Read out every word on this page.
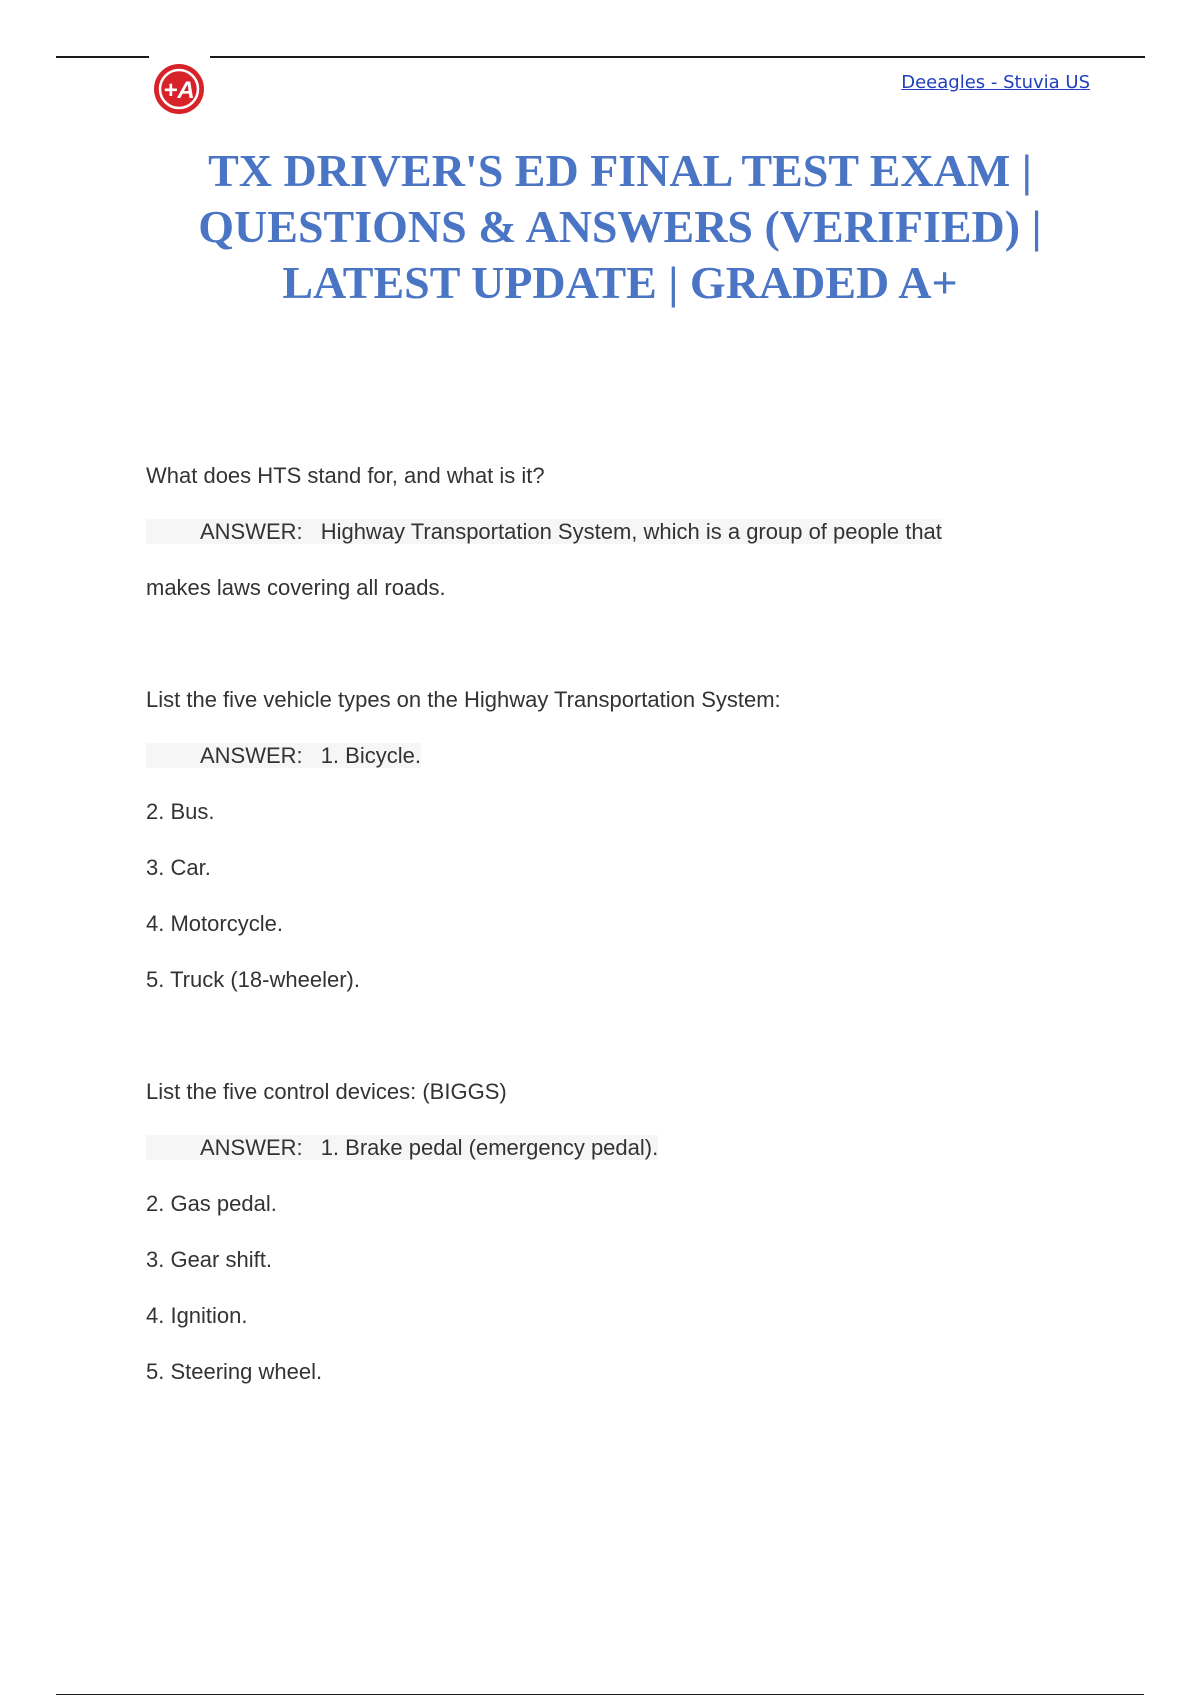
+A	Deeagles - Stuvia US
TX DRIVER'S ED FINAL TEST EXAM |
QUESTIONS & ANSWERS (VERIFIED) |
LATEST UPDATE | GRADED A+
What does HTS stand for, and what is it?
ANSWER: Highway Transportation System, which is a group of people that
makes laws covering all roads.
List the five vehicle types on the Highway Transportation System:
ANSWER: 1. Bicycle.
2. Bus.
3. Car.
4. Motorcycle.
5. Truck (18-wheeler).
List the five control devices: (BIGGS)
ANSWER: 1. Brake pedal (emergency pedal).
2. Gas pedal.
3. Gear shift.
4. Ignition.
5. Steering wheel.
